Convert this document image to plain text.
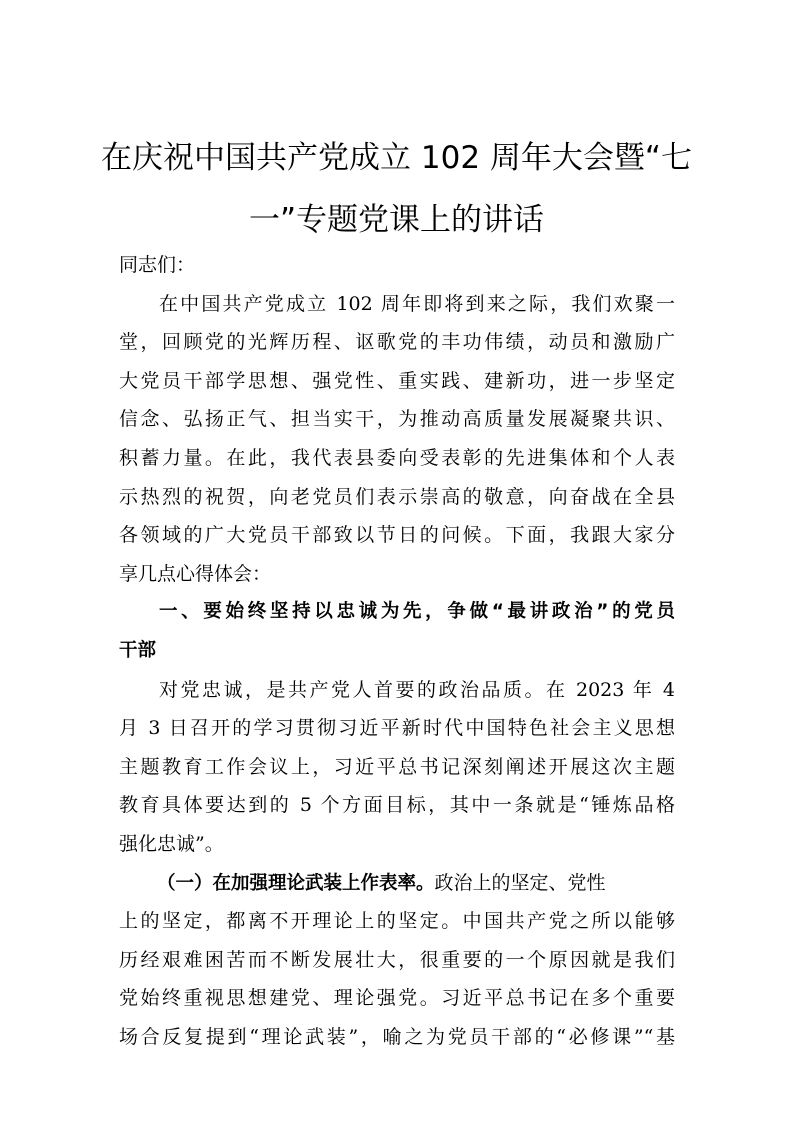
在庆祝中国共产党成立 102 周年大会暨“七
一”专题党课上的讲话
同志们：
在中国共产党成立 102 周年即将到来之际，我们欢聚一
堂，回顾党的光辉历程、讴歌党的丰功伟绩，动员和激励广
大党员干部学思想、强党性、重实践、建新功，进一步坚定
信念、弘扬正气、担当实干，为推动高质量发展凝聚共识、
积蓄力量。在此，我代表县委向受表彰的先进集体和个人表
示热烈的祝贺，向老党员们表示崇高的敬意，向奋战在全县
各领域的广大党员干部致以节日的问候。下面，我跟大家分
享几点心得体会：
一、要始终坚持以忠诚为先，争做“最讲政治”的党员
干部
对党忠诚，是共产党人首要的政治品质。在 2023 年 4
月 3 日召开的学习贯彻习近平新时代中国特色社会主义思想
主题教育工作会议上，习近平总书记深刻阐述开展这次主题
教育具体要达到的 5 个方面目标，其中一条就是“锤炼品格
强化忠诚”。
（一）在加强理论武装上作表率。政治上的坚定、党性
上的坚定，都离不开理论上的坚定。中国共产党之所以能够
历经艰难困苦而不断发展壮大，很重要的一个原因就是我们
党始终重视思想建党、理论强党。习近平总书记在多个重要
场合反复提到“理论武装”，喻之为党员干部的“必修课”“基
